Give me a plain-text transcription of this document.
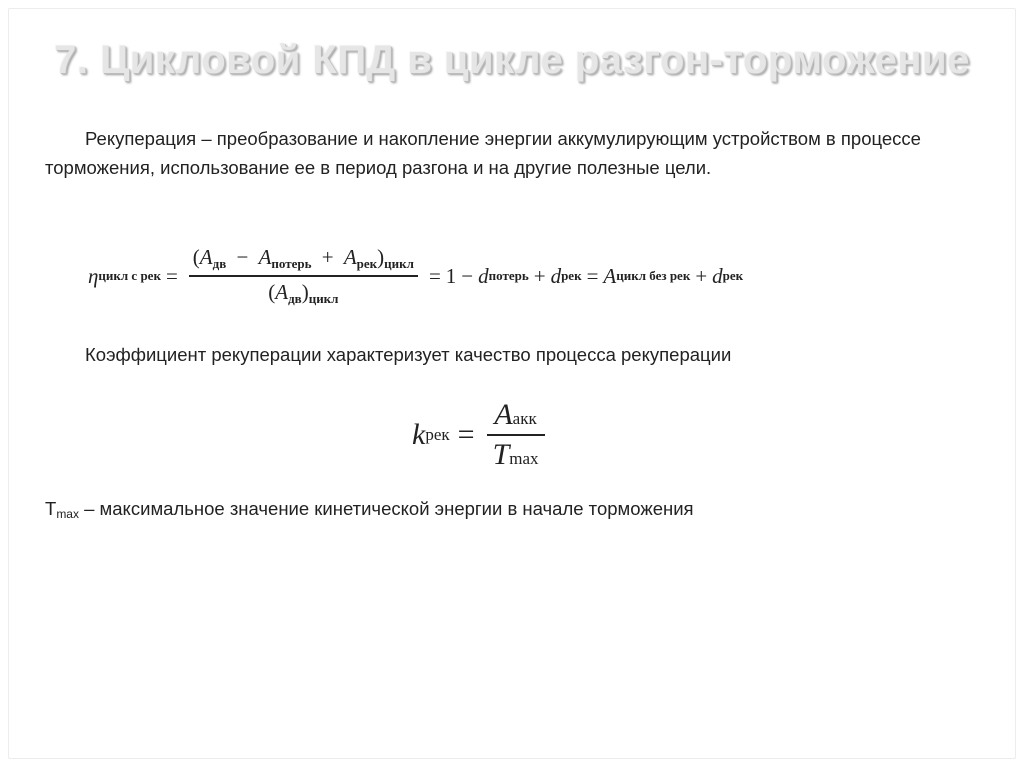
7. Цикловой КПД в цикле разгон-торможение
Рекуперация – преобразование и накопление энергии аккумулирующим устройством в процессе торможения, использование ее в период разгона и на другие полезные цели.
η цикл с рек = $\frac{(A_{дв} - A_{потерь} + A_{рек})_{цикл}}{(A_{дв})_{цикл}} = 1 - d$ потерь + d рек = A цикл без рек + d рек
Коэффициент рекуперации характеризует качество процесса рекуперации
k рек = $\frac{\text{Aакк}}{Tmax}$
$T_{max}$ – максимальное значение кинетической энергии в начале торможения
